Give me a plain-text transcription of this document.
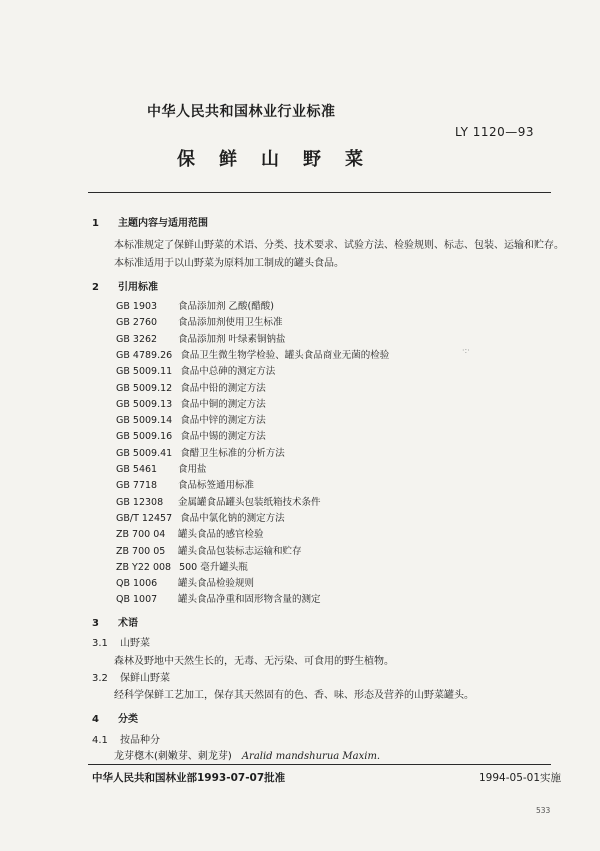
中华人民共和国林业行业标准
LY 1120—93
保鲜山野菜
1 主题内容与适用范围
本标准规定了保鲜山野菜的术语、分类、技术要求、试验方法、检验规则、标志、包装、运输和贮存。
本标准适用于以山野菜为原料加工制成的罐头食品。
2 引用标准
GB 1903 食品添加剂 乙酸(醋酸)
GB 2760 食品添加剂使用卫生标准
GB 3262 食品添加剂 叶绿素铜钠盐
GB 4789.26 食品卫生微生物学检验、罐头食品商业无菌的检验
GB 5009.11 食品中总砷的测定方法
GB 5009.12 食品中铅的测定方法
GB 5009.13 食品中铜的测定方法
GB 5009.14 食品中锌的测定方法
GB 5009.16 食品中锡的测定方法
GB 5009.41 食醋卫生标准的分析方法
GB 5461 食用盐
GB 7718 食品标签通用标准
GB 12308 金属罐食品罐头包装纸箱技术条件
GB/T 12457 食品中氯化钠的测定方法
ZB 700 04 罐头食品的感官检验
ZB 700 05 罐头食品包装标志运输和贮存
ZB Y22 008 500 毫升罐头瓶
QB 1006 罐头食品检验规则
QB 1007 罐头食品净重和固形物含量的测定
·:·
3 术语
3.1 山野菜
森林及野地中天然生长的，无毒、无污染、可食用的野生植物。
3.2 保鲜山野菜
经科学保鲜工艺加工，保存其天然固有的色、香、味、形态及营养的山野菜罐头。
4 分类
4.1 按品种分
龙芽楤木(刺嫩芽、刺龙芽) Aralid mandshurua Maxim.
中华人民共和国林业部1993-07-07批准	1994-05-01实施
533
